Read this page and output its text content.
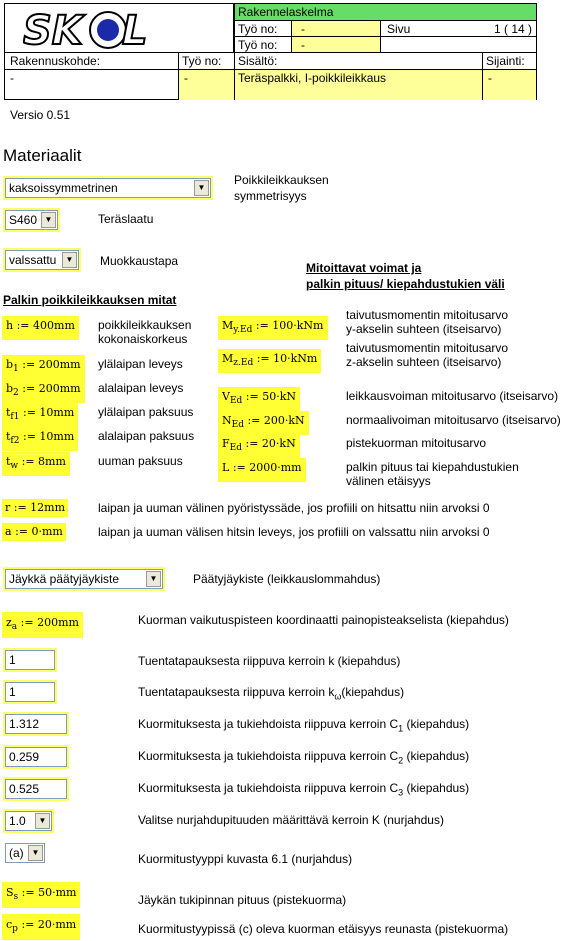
SK L	Rakennelaskelma
Työ no: -	Sivu	1 ( 14 )
Työ no: -
Rakennuskohde:
-
Työ no:
-
Sisältö:
Teräspalkki, I-poikkileikkaus
Sijainti:
-
Versio 0.51
Materiaalit
kaksoissymmetrinen	▼
Poikkileikkauksen
symmetrisyys
S460 ▼	Teräslaatu
valssattu	▼ Muokkaustapa	Mitoittavat voimat ja
palkin pituus/ kiepahdustukien väli
Palkin poikkileikkauksen mitat
h := 400mm	poikkileikkauksen
kokonaiskorkeus
$b_1$ := 200mm	ylälaipan leveys
$b_2$ := 200mm	alalaipan leveys
$t_{f1}$ := 10mm	ylälaipan paksuus
$t_{f2}$ := 10mm	alalaipan paksuus
$t_w$ := 8mm	uuman paksuus
$M_{y.Ed}$ := 100·kNm
taivutusmomentin mitoitusarvo
y-akselin suhteen (itseisarvo)
$M_{z.Ed}$ := 10·kNm
taivutusmomentin mitoitusarvo
z-akselin suhteen (itseisarvo)
$V_{Ed}$ := 50·kN	leikkausvoiman mitoitusarvo (itseisarvo)
$N_{Ed}$ := 200·kN	normaalivoiman mitoitusarvo (itseisarvo)
$F_{Ed}$ := 20·kN	pistekuorman mitoitusarvo
L := 2000·mm	palkin pituus tai kiepahdustukien
välinen etäisyys
r := 12mm	laipan ja uuman välinen pyöristyssäde, jos profiili on hitsattu niin arvoksi 0
a := 0·mm	laipan ja uuman välisen hitsin leveys, jos profiili on valssattu niin arvoksi 0
Jäykkä päätyjäykiste	▼	Päätyjäykiste (leikkauslommahdus)
$z_a$ := 200mm	Kuorman vaikutuspisteen koordinaatti painopisteakselista (kiepahdus)
1	Tuentatapauksesta riippuva kerroin k (kiepahdus)
1	Tuentatapauksesta riippuva kerroin $k_\omega(kiepahdus)$
1.312	Kuormituksesta ja tukiehdoista riippuva kerroin $C_1$ (kiepahdus)
0.259	Kuormituksesta ja tukiehdoista riippuva kerroin $C_2$ (kiepahdus)
0.525	Kuormituksesta ja tukiehdoista riippuva kerroin $C_3$ (kiepahdus)
1.0	▼	Valitse nurjahdupituuden määrittävä kerroin K (nurjahdus)
(a) ▼	Kuormitustyyppi kuvasta 6.1 (nurjahdus)
$S_s$ := 50·mm
Jäykän tukipinnan pituus (pistekuorma)
$c_p$ := 20·mm	Kuormitustyypissä (c) oleva kuorman etäisyys reunasta (pistekuorma)
